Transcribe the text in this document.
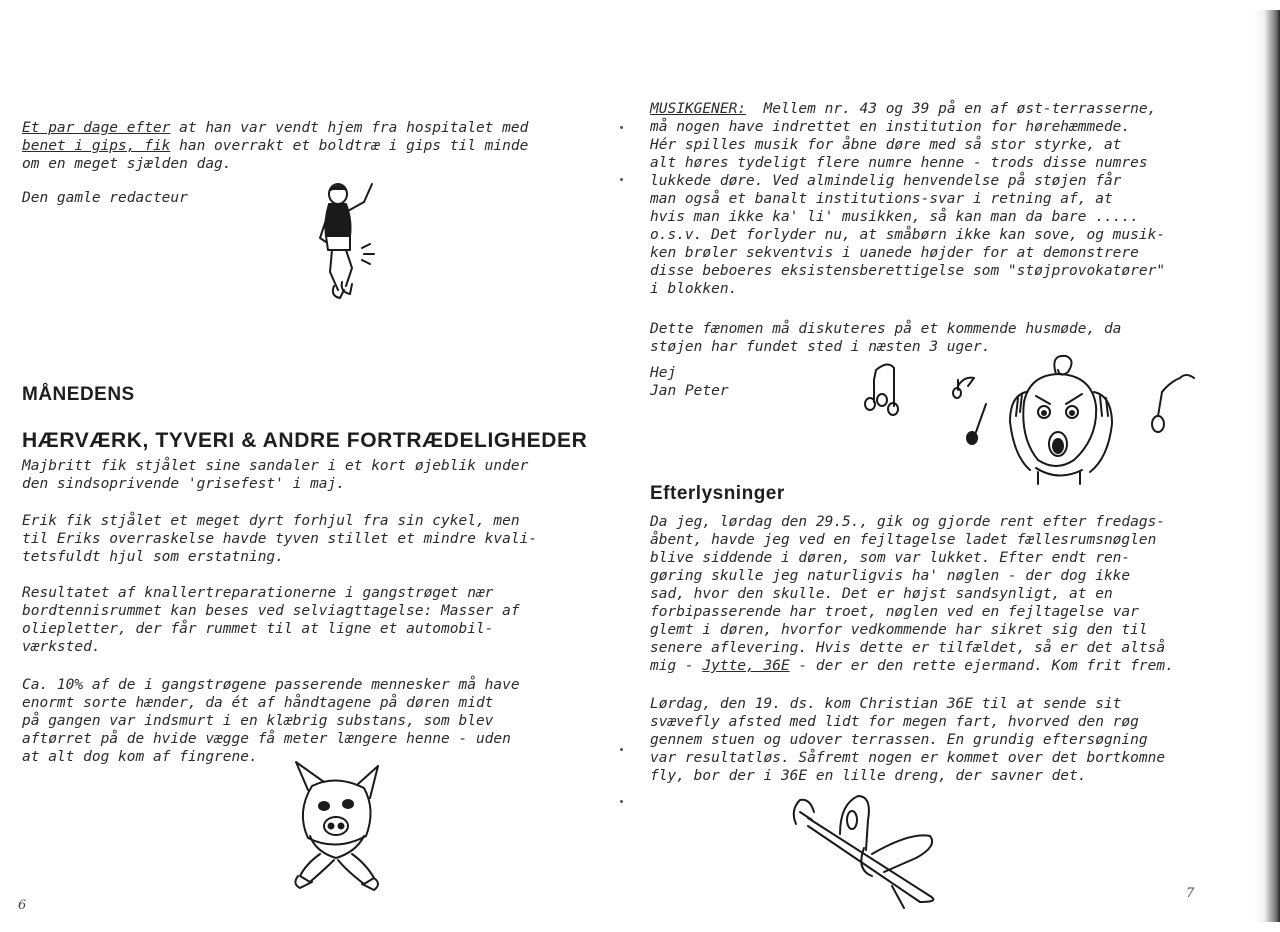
Et par dage efter at han var vendt hjem fra hospitalet med
benet i gips, fik han overrakt et boldtræ i gips til minde
om en meget sjælden dag.
Den gamle redacteur
MÅNEDENS
HÆRVÆRK, TYVERI & ANDRE FORTRÆDELIGHEDER
Majbritt fik stjålet sine sandaler i et kort øjeblik under
den sindsoprivende 'grisefest' i maj.
Erik fik stjålet et meget dyrt forhjul fra sin cykel, men
til Eriks overraskelse havde tyven stillet et mindre kvali-
tetsfuldt hjul som erstatning.
Resultatet af knallertreparationerne i gangstrøget nær
bordtennisrummet kan beses ved selviagttagelse: Masser af
oliepletter, der får rummet til at ligne et automobil-
værksted.
Ca. 10% af de i gangstrøgene passerende mennesker må have
enormt sorte hænder, da ét af håndtagene på døren midt
på gangen var indsmurt i en klæbrig substans, som blev
aftørret på de hvide vægge få meter længere henne - uden
at alt dog kom af fingrene.
6
MUSIKGENER:  Mellem nr. 43 og 39 på en af øst-terrasserne,
må nogen have indrettet en institution for hørehæmmede.
Hér spilles musik for åbne døre med så stor styrke, at
alt høres tydeligt flere numre henne - trods disse numres
lukkede døre. Ved almindelig henvendelse på støjen får
man også et banalt institutions-svar i retning af, at
hvis man ikke ka' li' musikken, så kan man da bare .....
o.s.v. Det forlyder nu, at småbørn ikke kan sove, og musik-
ken brøler sekventvis i uanede højder for at demonstrere
disse beboeres eksistensberettigelse som "støjprovokatører"
i blokken.
Dette fænomen må diskuteres på et kommende husmøde, da
støjen har fundet sted i næsten 3 uger.
Hej
Jan Peter
Efterlysninger
Da jeg, lørdag den 29.5., gik og gjorde rent efter fredags-
åbent, havde jeg ved en fejltagelse ladet fællesrumsnøglen
blive siddende i døren, som var lukket. Efter endt ren-
gøring skulle jeg naturligvis ha' nøglen - der dog ikke
sad, hvor den skulle. Det er højst sandsynligt, at en
forbipasserende har troet, nøglen ved en fejltagelse var
glemt i døren, hvorfor vedkommende har sikret sig den til
senere aflevering. Hvis dette er tilfældet, så er det altså
mig - Jytte, 36E - der er den rette ejermand. Kom frit frem.
Lørdag, den 19. ds. kom Christian 36E til at sende sit
svævefly afsted med lidt for megen fart, hvorved den røg
gennem stuen og udover terrassen. En grundig eftersøgning
var resultatløs. Såfremt nogen er kommet over det bortkomne
fly, bor der i 36E en lille dreng, der savner det.
7
